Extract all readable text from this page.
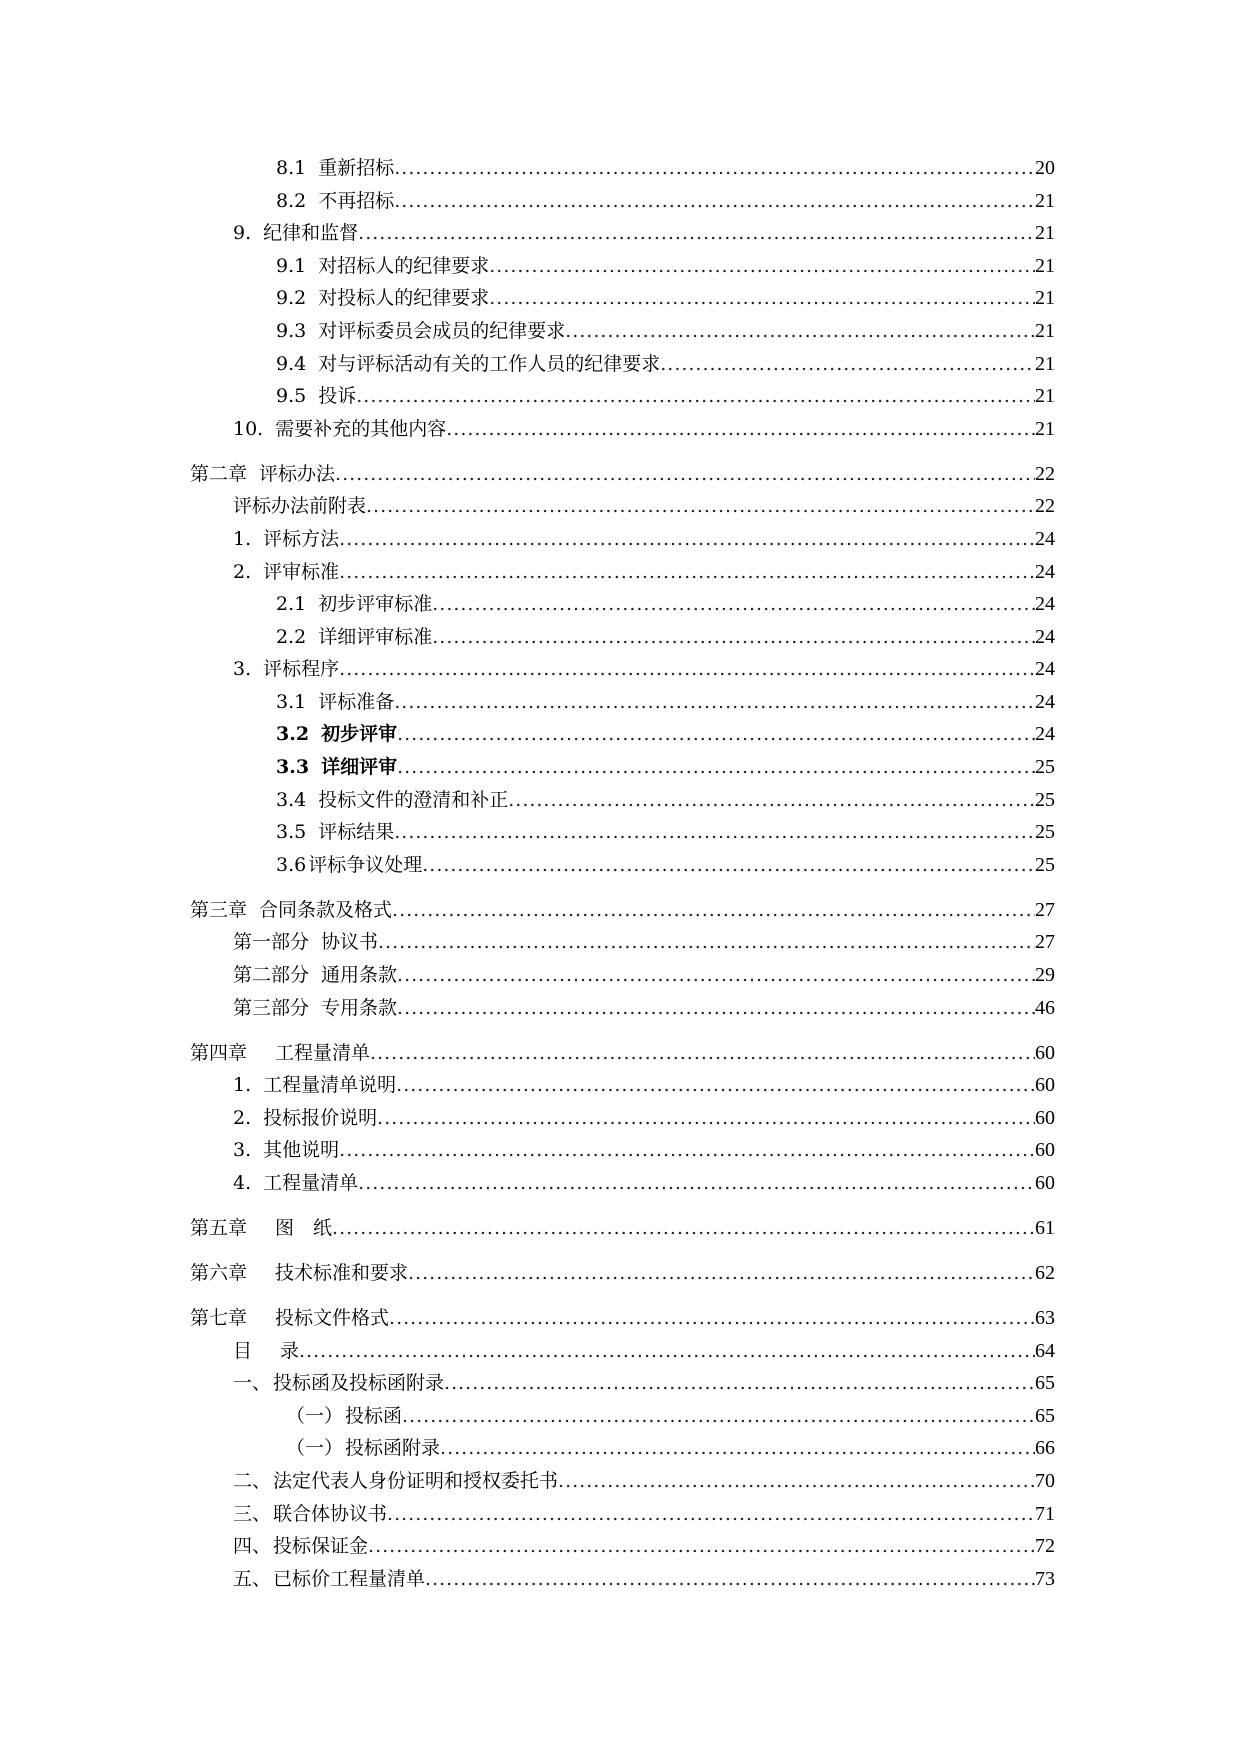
8.1 重新招标 .....	20
8.2 不再招标 .....	21
9. 纪律和监督 .....	21
9.1 对招标人的纪律要求 .....	21
9.2 对投标人的纪律要求 .....	21
9.3 对评标委员会成员的纪律要求 .....	21
9.4 对与评标活动有关的工作人员的纪律要求 .....	21
9.5 投诉 .....	21
10. 需要补充的其他内容 .....	21
第二章 评标办法 .....	22
评标办法前附表 .....	22
1. 评标方法 .....	24
2. 评审标准 .....	24
2.1 初步评审标准 .....	24
2.2 详细评审标准 .....	24
3. 评标程序 .....	24
3.1 评标准备 .....	24
3.2 初步评审 .....	24
3.3 详细评审 .....	25
3.4 投标文件的澄清和补正 .....	25
3.5 评标结果 .....	25
3.6 评标争议处理 .....	25
第三章 合同条款及格式 .....	27
第一部分 协议书 .....	27
第二部分 通用条款 .....	29
第三部分 专用条款 .....	46
第四章 工程量清单 .....	60
1. 工程量清单说明 .....	60
2. 投标报价说明 .....	60
3. 其他说明 .....	60
4. 工程量清单 .....	60
第五章 图　纸 .....	61
第六章 技术标准和要求 .....	62
第七章 投标文件格式 .....	63
目 录 .....	64
一、 投标函及投标函附录 .....	65
（一） 投标函 .....	65
（一） 投标函附录 .....	66
二、 法定代表人身份证明和授权委托书 .....	70
三、 联合体协议书 .....	71
四、 投标保证金 .....	72
五、 已标价工程量清单 .....	73
